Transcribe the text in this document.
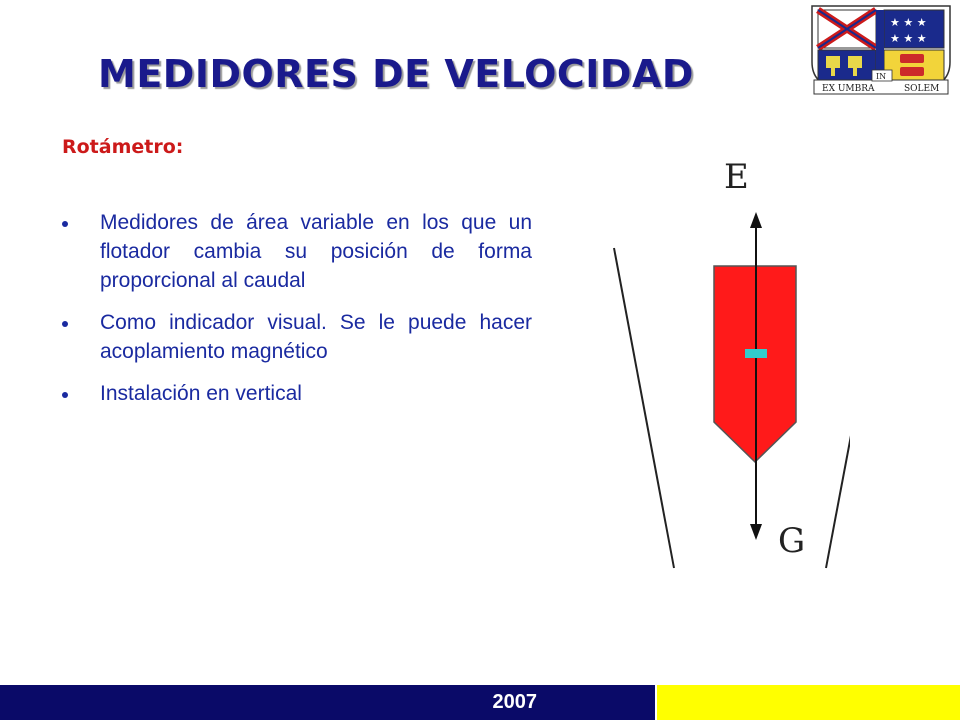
MEDIDORES DE VELOCIDAD
★ ★ ★
★ ★ ★
EX UMBRA
IN
SOLEM
Rotámetro:
Medidores de área variable en los que un flotador cambia su posición de forma proporcional al caudal
Como indicador visual. Se le puede hacer acoplamiento magnético
Instalación en vertical
E
G
2007
